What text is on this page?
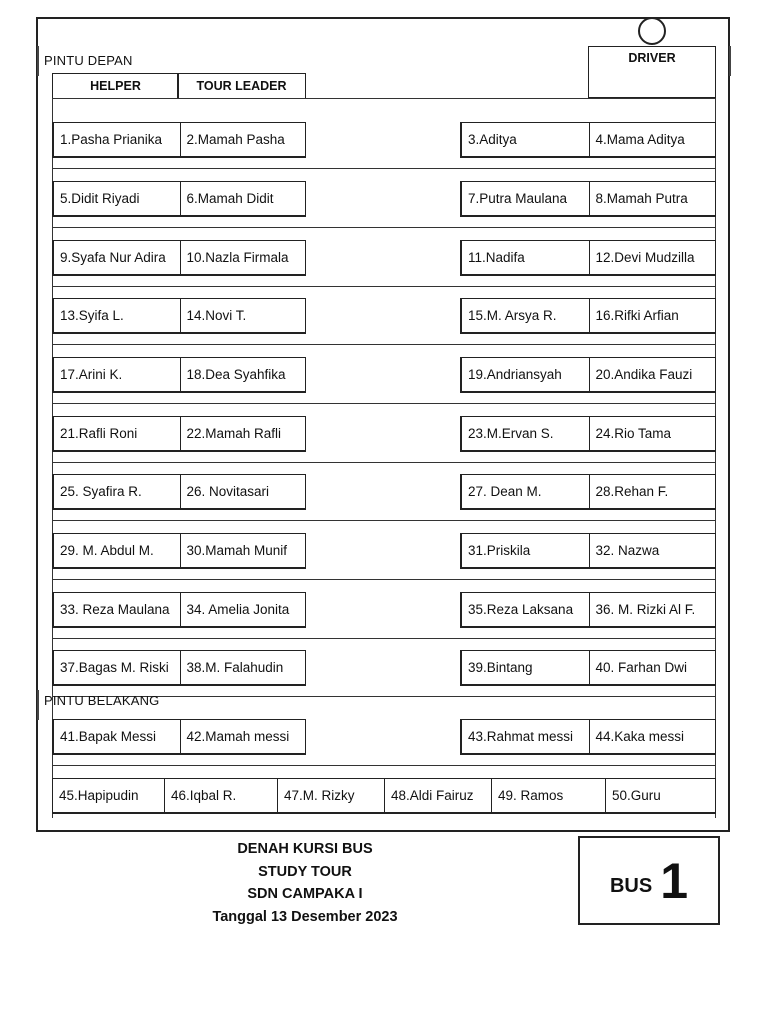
PINTU DEPAN	DRIVER
HELPER	TOUR LEADER
1.Pasha Prianika	2.Mamah Pasha	3.Aditya	4.Mama Aditya
5.Didit Riyadi	6.Mamah Didit	7.Putra Maulana	8.Mamah Putra
9.Syafa Nur Adira	10.Nazla Firmala	11.Nadifa	12.Devi Mudzilla
13.Syifa L.	14.Novi T.	15.M. Arsya R.	16.Rifki Arfian
17.Arini K.	18.Dea Syahfika	19.Andriansyah	20.Andika Fauzi
21.Rafli Roni	22.Mamah Rafli	23.M.Ervan S.	24.Rio Tama
25. Syafira R.	26. Novitasari	27. Dean M.	28.Rehan F.
29. M. Abdul M.	30.Mamah Munif	31.Priskila	32. Nazwa
33. Reza Maulana	34. Amelia Jonita	35.Reza Laksana	36. M. Rizki Al F.
37.Bagas M. Riski	38.M. Falahudin	39.Bintang	40. Farhan Dwi
41.Bapak Messi	42.Mamah messi	43.Rahmat messi	44.Kaka messi
PINTU BELAKANG
45.Hapipudin	46.Iqbal R.	47.M. Rizky	48.Aldi Fairuz	49. Ramos	50.Guru
DENAH KURSI BUS
STUDY TOUR
SDN CAMPAKA I
Tanggal 13 Desember 2023
BUS 1
